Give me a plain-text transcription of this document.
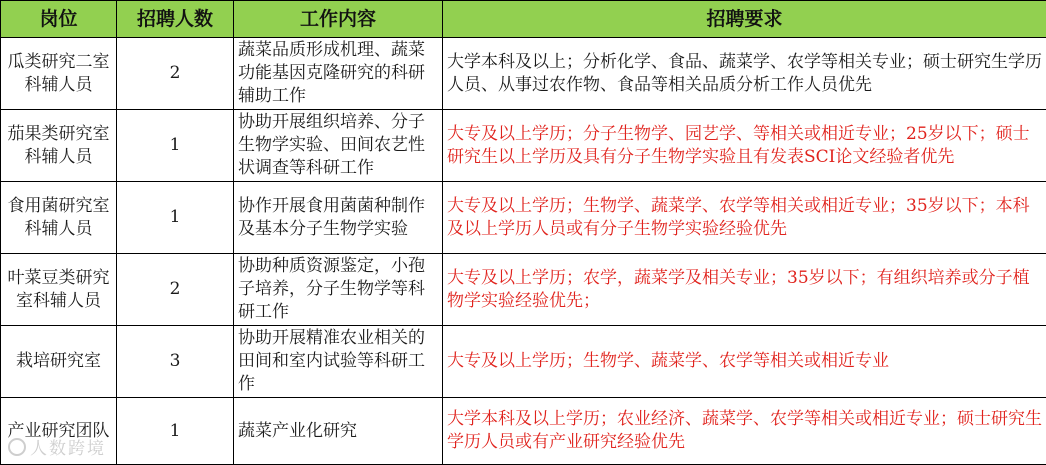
岗位	招聘人数	工作内容	招聘要求
瓜类研究二室科辅人员	2	蔬菜品质形成机理、蔬菜功能基因克隆研究的科研辅助工作	大学本科及以上；分析化学、食品、蔬菜学、农学等相关专业；硕士研究生学历人员、从事过农作物、食品等相关品质分析工作人员优先
茄果类研究室科辅人员	1	协助开展组织培养、分子生物学实验、田间农艺性状调查等科研工作	大专及以上学历；分子生物学、园艺学、等相关或相近专业；25岁以下；硕士研究生以上学历及具有分子生物学实验且有发表SCI论文经验者优先
食用菌研究室科辅人员	1	协作开展食用菌菌种制作及基本分子生物学实验	大专及以上学历；生物学、蔬菜学、农学等相关或相近专业；35岁以下；本科及以上学历人员或有分子生物学实验经验优先
叶菜豆类研究室科辅人员	2	协助种质资源鉴定，小孢子培养，分子生物学等科研工作	大专及以上学历；农学，蔬菜学及相关专业；35岁以下；有组织培养或分子植物学实验经验优先；
栽培研究室	3	协助开展精准农业相关的田间和室内试验等科研工作	大专及以上学历；生物学、蔬菜学、农学等相关或相近专业
产业研究团队	1	蔬菜产业化研究	大学本科及以上学历；农业经济、蔬菜学、农学等相关或相近专业；硕士研究生学历人员或有产业研究经验优先
人数跨境
